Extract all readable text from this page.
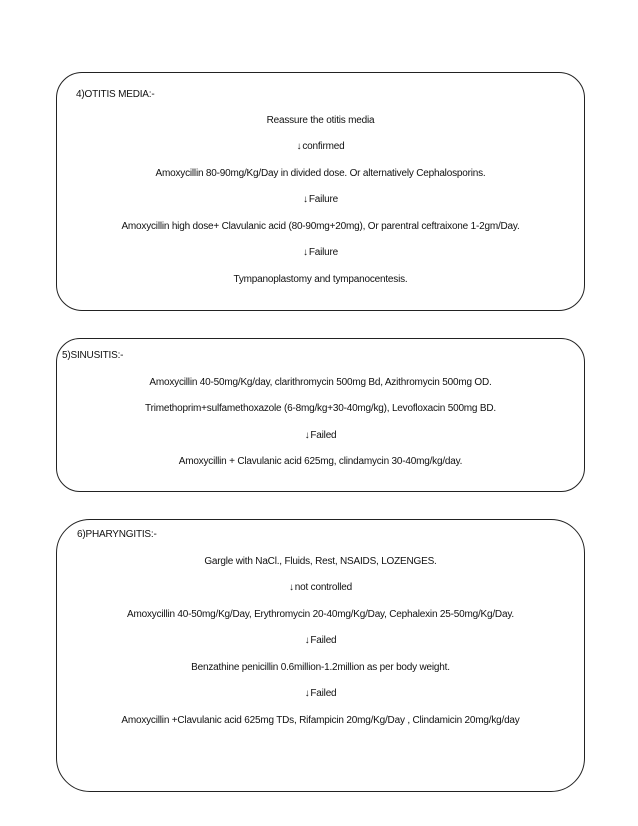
4)OTITIS MEDIA:-
Reassure the otitis media
↓confirmed
Amoxycillin 80-90mg/Kg/Day in divided dose. Or alternatively Cephalosporins.
↓Failure
Amoxycillin high dose+ Clavulanic acid (80-90mg+20mg), Or parentral ceftraixone 1-2gm/Day.
↓Failure
Tympanoplastomy and tympanocentesis.
5)SINUSITIS:-
Amoxycillin 40-50mg/Kg/day, clarithromycin 500mg Bd, Azithromycin 500mg OD.
Trimethoprim+sulfamethoxazole (6-8mg/kg+30-40mg/kg), Levofloxacin 500mg BD.
↓Failed
Amoxycillin + Clavulanic acid 625mg, clindamycin 30-40mg/kg/day.
6)PHARYNGITIS:-
Gargle with NaCl., Fluids, Rest, NSAIDS, LOZENGES.
↓not controlled
Amoxycillin 40-50mg/Kg/Day, Erythromycin 20-40mg/Kg/Day, Cephalexin 25-50mg/Kg/Day.
↓Failed
Benzathine penicillin 0.6million-1.2million as per body weight.
↓Failed
Amoxycillin +Clavulanic acid 625mg TDs, Rifampicin 20mg/Kg/Day , Clindamicin 20mg/kg/day
